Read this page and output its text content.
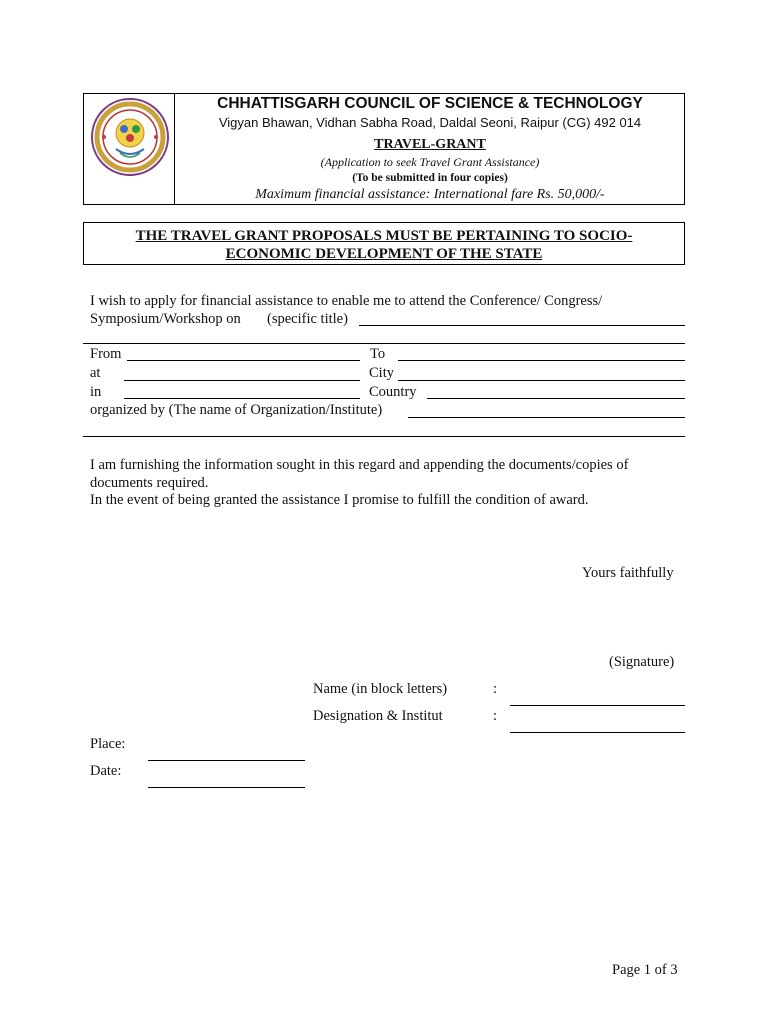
CHHATTISGARH COUNCIL OF SCIENCE & TECHNOLOGY
Vigyan Bhawan, Vidhan Sabha Road, Daldal Seoni, Raipur (CG) 492 014
TRAVEL-GRANT
(Application to seek Travel Grant Assistance)
(To be submitted in four copies)
Maximum financial assistance: International fare Rs. 50,000/-
THE TRAVEL GRANT PROPOSALS MUST BE PERTAINING TO SOCIO-
ECONOMIC DEVELOPMENT OF THE STATE
I wish to apply for financial assistance to enable me to attend the Conference/ Congress/
Symposium/Workshop on (specific title)
From	To
at	City
in	Country
organized by (The name of Organization/Institute)
I am furnishing the information sought in this regard and appending the documents/copies of
documents required.
In the event of being granted the assistance I promise to fulfill the condition of award.
Yours faithfully
(Signature)
Name (in block letters)	:
Designation & Institut	:
Place:
Date:
Page 1 of 3
